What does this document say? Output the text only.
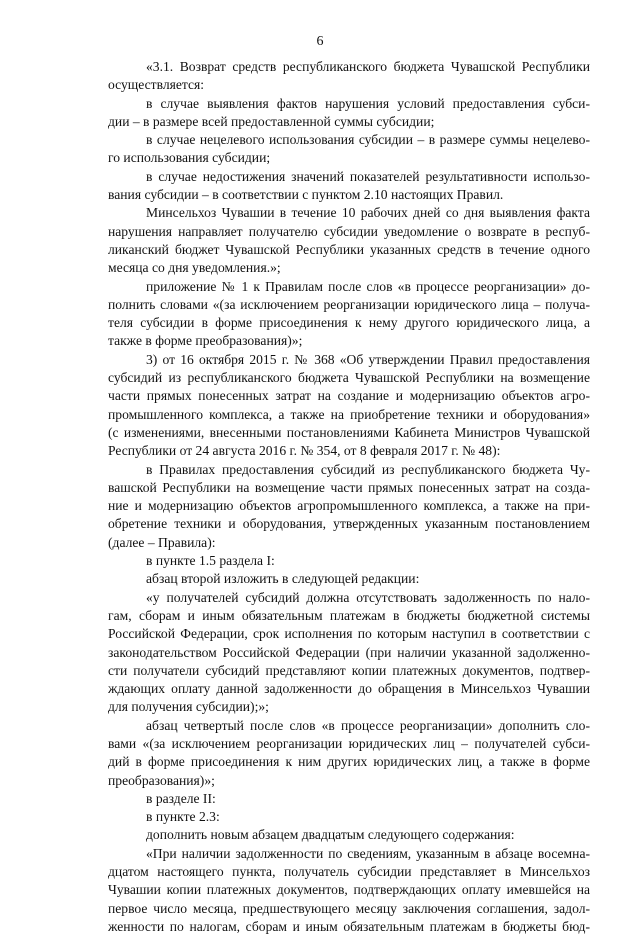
6
«3.1. Возврат средств республиканского бюджета Чувашской Республики
осуществляется:
в случае выявления фактов нарушения условий предоставления субси-
дии – в размере всей предоставленной суммы субсидии;
в случае нецелевого использования субсидии – в размере суммы нецелево-
го использования субсидии;
в случае недостижения значений показателей результативности использо-
вания субсидии – в соответствии с пунктом 2.10 настоящих Правил.
Минсельхоз Чувашии в течение 10 рабочих дней со дня выявления факта
нарушения направляет получателю субсидии уведомление о возврате в респуб-
ликанский бюджет Чувашской Республики указанных средств в течение одного
месяца со дня уведомления.»;
приложение № 1 к Правилам после слов «в процессе реорганизации» до-
полнить словами «(за исключением реорганизации юридического лица – получа-
теля субсидии в форме присоединения к нему другого юридического лица, а
также в форме преобразования)»;
3) от 16 октября 2015 г. № 368 «Об утверждении Правил предоставления
субсидий из республиканского бюджета Чувашской Республики на возмещение
части прямых понесенных затрат на создание и модернизацию объектов агро-
промышленного комплекса, а также на приобретение техники и оборудования»
(с изменениями, внесенными постановлениями Кабинета Министров Чувашской
Республики от 24 августа 2016 г. № 354, от 8 февраля 2017 г. № 48):
в Правилах предоставления субсидий из республиканского бюджета Чу-
вашской Республики на возмещение части прямых понесенных затрат на созда-
ние и модернизацию объектов агропромышленного комплекса, а также на при-
обретение техники и оборудования, утвержденных указанным постановлением
(далее – Правила):
в пункте 1.5 раздела I:
абзац второй изложить в следующей редакции:
«у получателей субсидий должна отсутствовать задолженность по нало-
гам, сборам и иным обязательным платежам в бюджеты бюджетной системы
Российской Федерации, срок исполнения по которым наступил в соответствии с
законодательством Российской Федерации (при наличии указанной задолженно-
сти получатели субсидий представляют копии платежных документов, подтвер-
ждающих оплату данной задолженности до обращения в Минсельхоз Чувашии
для получения субсидии);»;
абзац четвертый после слов «в процессе реорганизации» дополнить сло-
вами «(за исключением реорганизации юридических лиц – получателей субси-
дий в форме присоединения к ним других юридических лиц, а также в форме
преобразования)»;
в разделе II:
в пункте 2.3:
дополнить новым абзацем двадцатым следующего содержания:
«При наличии задолженности по сведениям, указанным в абзаце восемна-
дцатом настоящего пункта, получатель субсидии представляет в Минсельхоз
Чувашии копии платежных документов, подтверждающих оплату имевшейся на
первое число месяца, предшествующего месяцу заключения соглашения, задол-
женности по налогам, сборам и иным обязательным платежам в бюджеты бюд-
